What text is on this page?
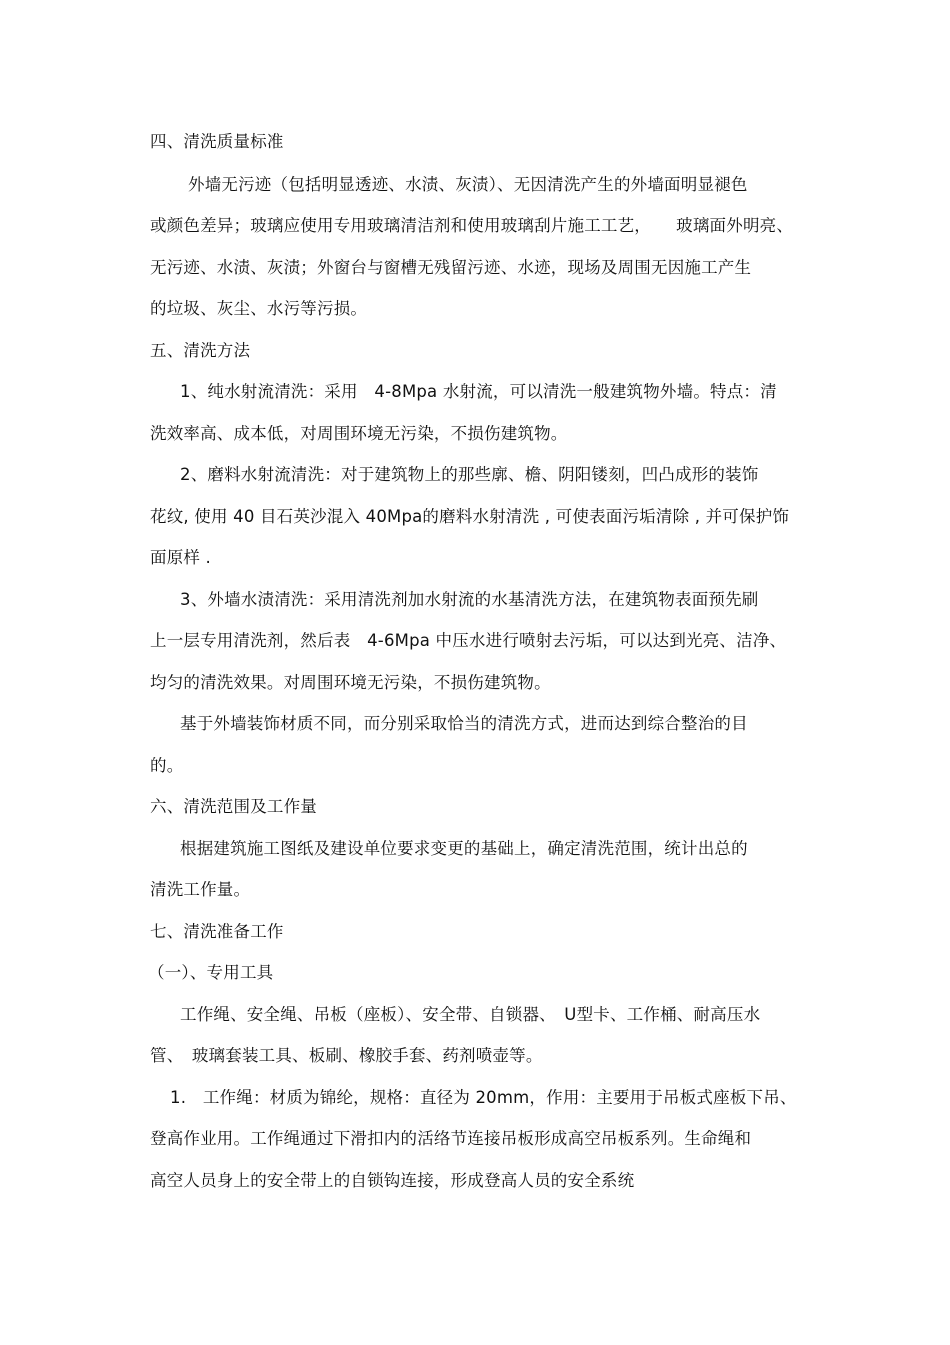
四、清洗质量标准
外墙无污迹（包括明显透迹、水渍、灰渍）、无因清洗产生的外墙面明显褪色
或颜色差异；玻璃应使用专用玻璃清洁剂和使用玻璃刮片施工工艺，　　玻璃面外明亮、
无污迹、水渍、灰渍；外窗台与窗槽无残留污迹、水迹，现场及周围无因施工产生
的垃圾、灰尘、水污等污损。
五、清洗方法
1、纯水射流清洗：采用　4-8Mpa 水射流，可以清洗一般建筑物外墙。特点：清
洗效率高、成本低，对周围环境无污染，不损伤建筑物。
2、磨料水射流清洗：对于建筑物上的那些廓、檐、阴阳镂刻，凹凸成形的装饰
花纹, 使用 40 目石英沙混入 40Mpa的磨料水射清洗 , 可使表面污垢清除 , 并可保护饰
面原样 .
3、外墙水渍清洗：采用清洗剂加水射流的水基清洗方法，在建筑物表面预先刷
上一层专用清洗剂，然后表　4-6Mpa 中压水进行喷射去污垢，可以达到光亮、洁净、
均匀的清洗效果。对周围环境无污染，不损伤建筑物。
基于外墙装饰材质不同，而分别采取恰当的清洗方式，进而达到综合整治的目
的。
六、清洗范围及工作量
根据建筑施工图纸及建设单位要求变更的基础上，确定清洗范围，统计出总的
清洗工作量。
七、清洗准备工作
（一）、专用工具
工作绳、安全绳、吊板（座板）、安全带、自锁器、　U型卡、工作桶、耐高压水
管、　玻璃套装工具、板刷、橡胶手套、药剂喷壶等。
1.　工作绳：材质为锦纶，规格：直径为 20mm，作用：主要用于吊板式座板下吊、
登高作业用。工作绳通过下滑扣内的活络节连接吊板形成高空吊板系列。生命绳和
高空人员身上的安全带上的自锁钩连接，形成登高人员的安全系统
